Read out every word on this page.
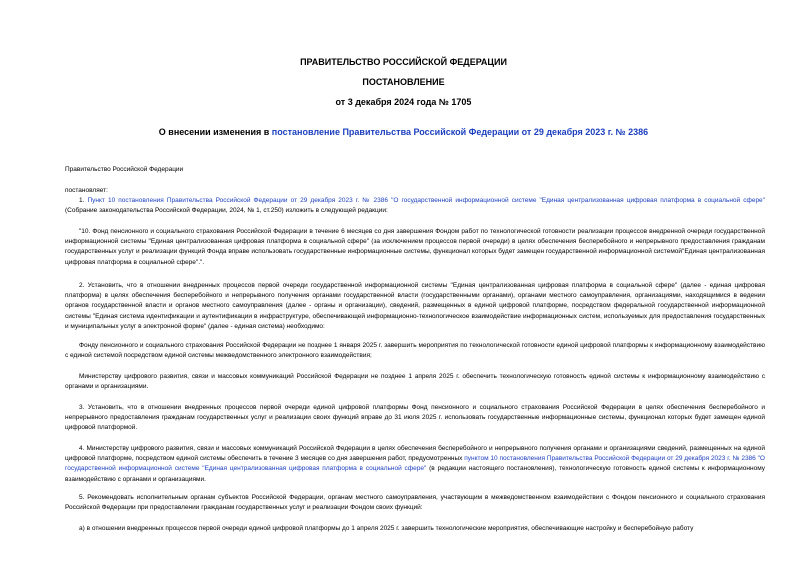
ПРАВИТЕЛЬСТВО РОССИЙСКОЙ ФЕДЕРАЦИИ
ПОСТАНОВЛЕНИЕ
от 3 декабря 2024 года № 1705
О внесении изменения в постановление Правительства Российской Федерации от 29 декабря 2023 г. № 2386
Правительство Российской Федерации
постановляет:
1. Пункт 10 постановления Правительства Российской Федерации от 29 декабря 2023 г. № 2386 "О государственной информационной системе "Единая централизованная цифровая платформа в социальной сфере" (Собрание законодательства Российской Федерации, 2024, № 1, ст.250) изложить в следующей редакции:
"10. Фонд пенсионного и социального страхования Российской Федерации в течение 6 месяцев со дня завершения Фондом работ по технологической готовности реализации процессов внедренной очереди государственной информационной системы "Единая централизованная цифровая платформа в социальной сфере" (за исключением процессов первой очереди) в целях обеспечения бесперебойного и непрерывного предоставления гражданам государственных услуг и реализации функций Фонда вправе использовать государственные информационные системы, функционал которых будет замещен государственной информационной системой"Единая централизованная цифровая платформа в социальной сфере".".
2. Установить, что в отношении внедренных процессов первой очереди государственной информационной системы "Единая централизованная цифровая платформа в социальной сфере" (далее - единая цифровая платформа) в целях обеспечения бесперебойного и непрерывного получения органами государственной власти (государственными органами), органами местного самоуправления, организациями, находящимися в ведении органов государственной власти и органов местного самоуправления (далее - органы и организации), сведений, размещенных в единой цифровой платформе, посредством федеральной государственной информационной системы "Единая система идентификации и аутентификации в инфраструктуре, обеспечивающей информационно-технологическое взаимодействие информационных систем, используемых для предоставления государственных и муниципальных услуг в электронной форме" (далее - единая система) необходимо:
Фонду пенсионного и социального страхования Российской Федерации не позднее 1 января 2025 г. завершить мероприятия по технологической готовности единой цифровой платформы к информационному взаимодействию с единой системой посредством единой системы межведомственного электронного взаимодействия;
Министерству цифрового развития, связи и массовых коммуникаций Российской Федерации не позднее 1 апреля 2025 г. обеспечить технологическую готовность единой системы к информационному взаимодействию с органами и организациями.
3. Установить, что в отношении внедренных процессов первой очереди единой цифровой платформы Фонд пенсионного и социального страхования Российской Федерации в целях обеспечения бесперебойного и непрерывного предоставления гражданам государственных услуг и реализации своих функций вправе до 31 июля 2025 г. использовать государственные информационные системы, функционал которых будет замещен единой цифровой платформой.
4. Министерству цифрового развития, связи и массовых коммуникаций Российской Федерации в целях обеспечения бесперебойного и непрерывного получения органами и организациями сведений, размещенных на единой цифровой платформе, посредством единой системы обеспечить в течение 3 месяцев со дня завершения работ, предусмотренных пунктом 10 постановления Правительства Российской Федерации от 29 декабря 2023 г. № 2386 "О государственной информационной системе "Единая централизованная цифровая платформа в социальной сфере" (в редакции настоящего постановления), технологическую готовность единой системы к информационному взаимодействию с органами и организациями.
5. Рекомендовать исполнительным органам субъектов Российской Федерации, органам местного самоуправления, участвующим в межведомственном взаимодействии с Фондом пенсионного и социального страхования Российской Федерации при предоставлении гражданам государственных услуг и реализации Фондом своих функций:
а) в отношении внедренных процессов первой очереди единой цифровой платформы до 1 апреля 2025 г. завершить технологические мероприятия, обеспечивающие настройку и бесперебойную работу
